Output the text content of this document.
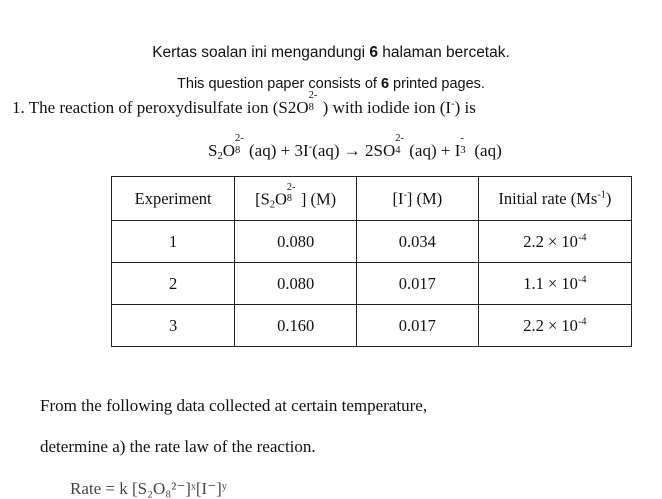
Kertas soalan ini mengandungi 6 halaman bercetak.
This question paper consists of 6 printed pages.
1. The reaction of peroxydisulfate ion (S2O
2-
8 ) with iodide ion (I-) is
$S_2O$
2-
8 (aq) + 3I-(aq) → 2SO
2-
4 (aq) + I
-
3 (aq)
Experiment	[$S_2O$
2-
8 ] (M)	[I-] (M)	Initial rate $(Ms^{-1})$
1	0.080	0.034	$2.2 \times 10^{-4}$
2	0.080	0.017	$1.1 \times 10^{-4}$
3	0.160	0.017	$2.2 \times 10^{-4}$
From the following data collected at certain temperature,
determine a) the rate law of the reaction.
Rate = k [S₂O₈²⁻]ˣ[I⁻]ʸ
